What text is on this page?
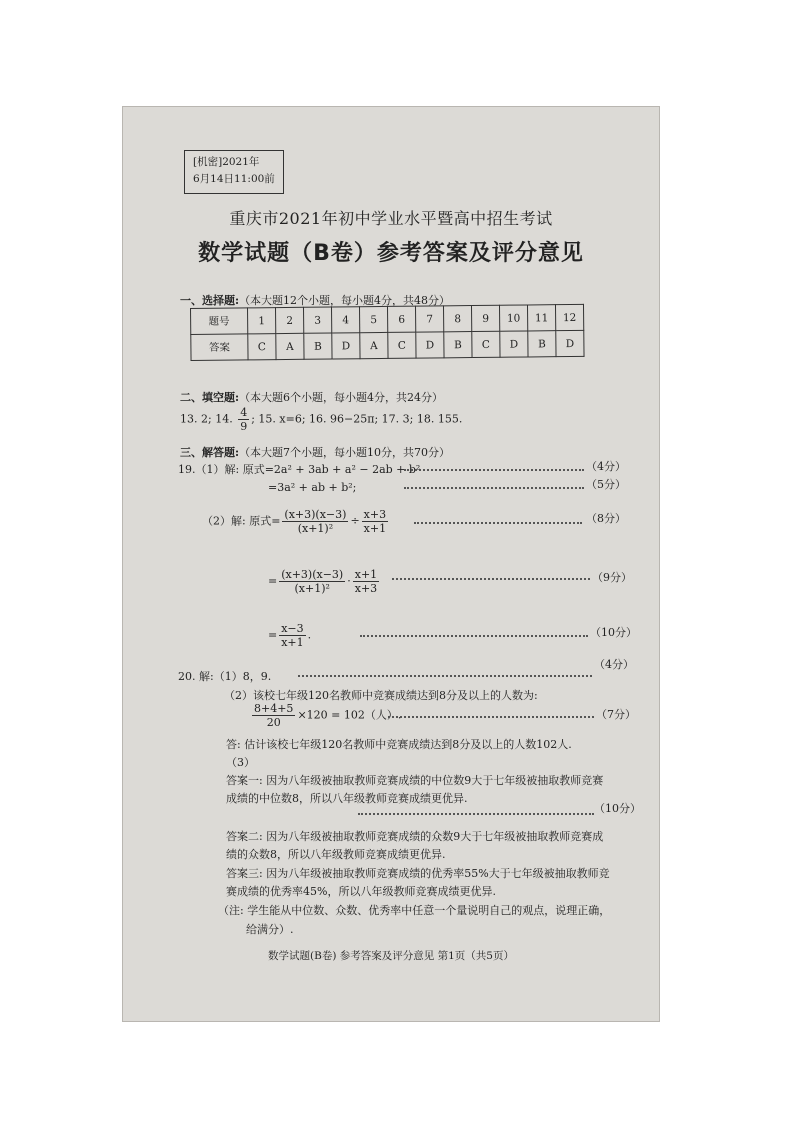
[机密]2021年
6月14日11:00前
重庆市2021年初中学业水平暨高中招生考试
数学试题（B卷）参考答案及评分意见
一、选择题:（本大题12个小题，每小题4分，共48分）
题号	1	2	3	4	5	6	7	8	9	10	11	12
答案	C	A	B	D	A	C	D	B	C	D	B	D
二、填空题:（本大题6个小题，每小题4分，共24分）
13. 2; 14. $\frac{4}{9}$ ; 15. x=6; 16. 96−25π; 17. 3; 18. 155.
三、解答题:（本大题7个小题，每小题10分，共70分）
19.（1）解: 原式=2a² + 3ab + a² − 2ab + b²	（4分）
=3a² + ab + b²;	（5分）
（2）解: 原式= $\frac{(x+3)(x-3)}{\text{(x+1)²}} \div \frac{x+3}{x+1}$	（8分）
= $\frac{(x+3)(x-3)}{\text{(x+1)²}} \cdot \frac{x+1}{x+3}$	（9分）
= $\frac{x-3}{x+1}$ .	（10分）
20. 解:（1）8，9.
（4分）
（2）该校七年级120名教师中竞赛成绩达到8分及以上的人数为:
$\frac{8+4+5}{20} \times 120 = 102$（人）.	（7分）
答: 估计该校七年级120名教师中竞赛成绩达到8分及以上的人数102人.
（3）
答案一: 因为八年级被抽取教师竞赛成绩的中位数9大于七年级被抽取教师竞赛
成绩的中位数8，所以八年级教师竞赛成绩更优异.
（10分）
答案二: 因为八年级被抽取教师竞赛成绩的众数9大于七年级被抽取教师竞赛成
绩的众数8，所以八年级教师竞赛成绩更优异.
答案三: 因为八年级被抽取教师竞赛成绩的优秀率55%大于七年级被抽取教师竞
赛成绩的优秀率45%，所以八年级教师竞赛成绩更优异.
（注: 学生能从中位数、众数、优秀率中任意一个量说明自己的观点，说理正确，
给满分）.
数学试题(B卷) 参考答案及评分意见 第1页（共5页）
